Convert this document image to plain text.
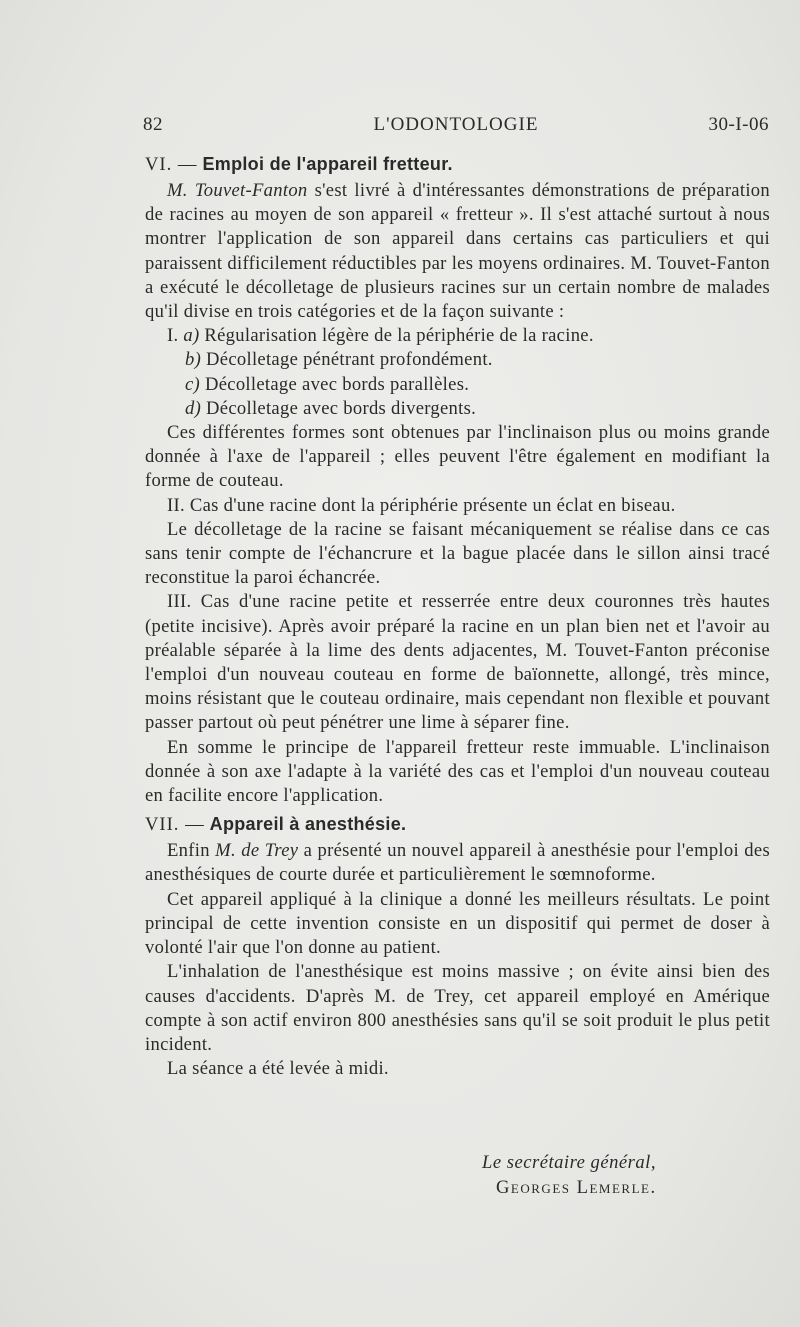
82	L'ODONTOLOGIE	30-I-06

VI. — Emploi de l'appareil fretteur.

M. Touvet-Fanton s'est livré à d'intéressantes démonstrations de préparation de racines au moyen de son appareil « fretteur ». Il s'est attaché surtout à nous montrer l'application de son appareil dans certains cas particuliers et qui paraissent difficilement réductibles par les moyens ordinaires. M. Touvet-Fanton a exécuté le décolletage de plusieurs racines sur un certain nombre de malades qu'il divise en trois catégories et de la façon suivante :

I. a) Régularisation légère de la périphérie de la racine.

b) Décolletage pénétrant profondément.

c) Décolletage avec bords parallèles.

d) Décolletage avec bords divergents.

Ces différentes formes sont obtenues par l'inclinaison plus ou moins grande donnée à l'axe de l'appareil ; elles peuvent l'être également en modifiant la forme de couteau.

II. Cas d'une racine dont la périphérie présente un éclat en biseau.

Le décolletage de la racine se faisant mécaniquement se réalise dans ce cas sans tenir compte de l'échancrure et la bague placée dans le sillon ainsi tracé reconstitue la paroi échancrée.

III. Cas d'une racine petite et resserrée entre deux couronnes très hautes (petite incisive). Après avoir préparé la racine en un plan bien net et l'avoir au préalable séparée à la lime des dents adjacentes, M. Touvet-Fanton préconise l'emploi d'un nouveau couteau en forme de baïonnette, allongé, très mince, moins résistant que le couteau ordinaire, mais cependant non flexible et pouvant passer partout où peut pénétrer une lime à séparer fine.

En somme le principe de l'appareil fretteur reste immuable. L'inclinaison donnée à son axe l'adapte à la variété des cas et l'emploi d'un nouveau couteau en facilite encore l'application.

VII. — Appareil à anesthésie.

Enfin M. de Trey a présenté un nouvel appareil à anesthésie pour l'emploi des anesthésiques de courte durée et particulièrement le sœmnoforme.

Cet appareil appliqué à la clinique a donné les meilleurs résultats. Le point principal de cette invention consiste en un dispositif qui permet de doser à volonté l'air que l'on donne au patient.

L'inhalation de l'anesthésique est moins massive ; on évite ainsi bien des causes d'accidents. D'après M. de Trey, cet appareil employé en Amérique compte à son actif environ 800 anesthésies sans qu'il se soit produit le plus petit incident.

La séance a été levée à midi.

Le secrétaire général,
Georges Lemerle.
